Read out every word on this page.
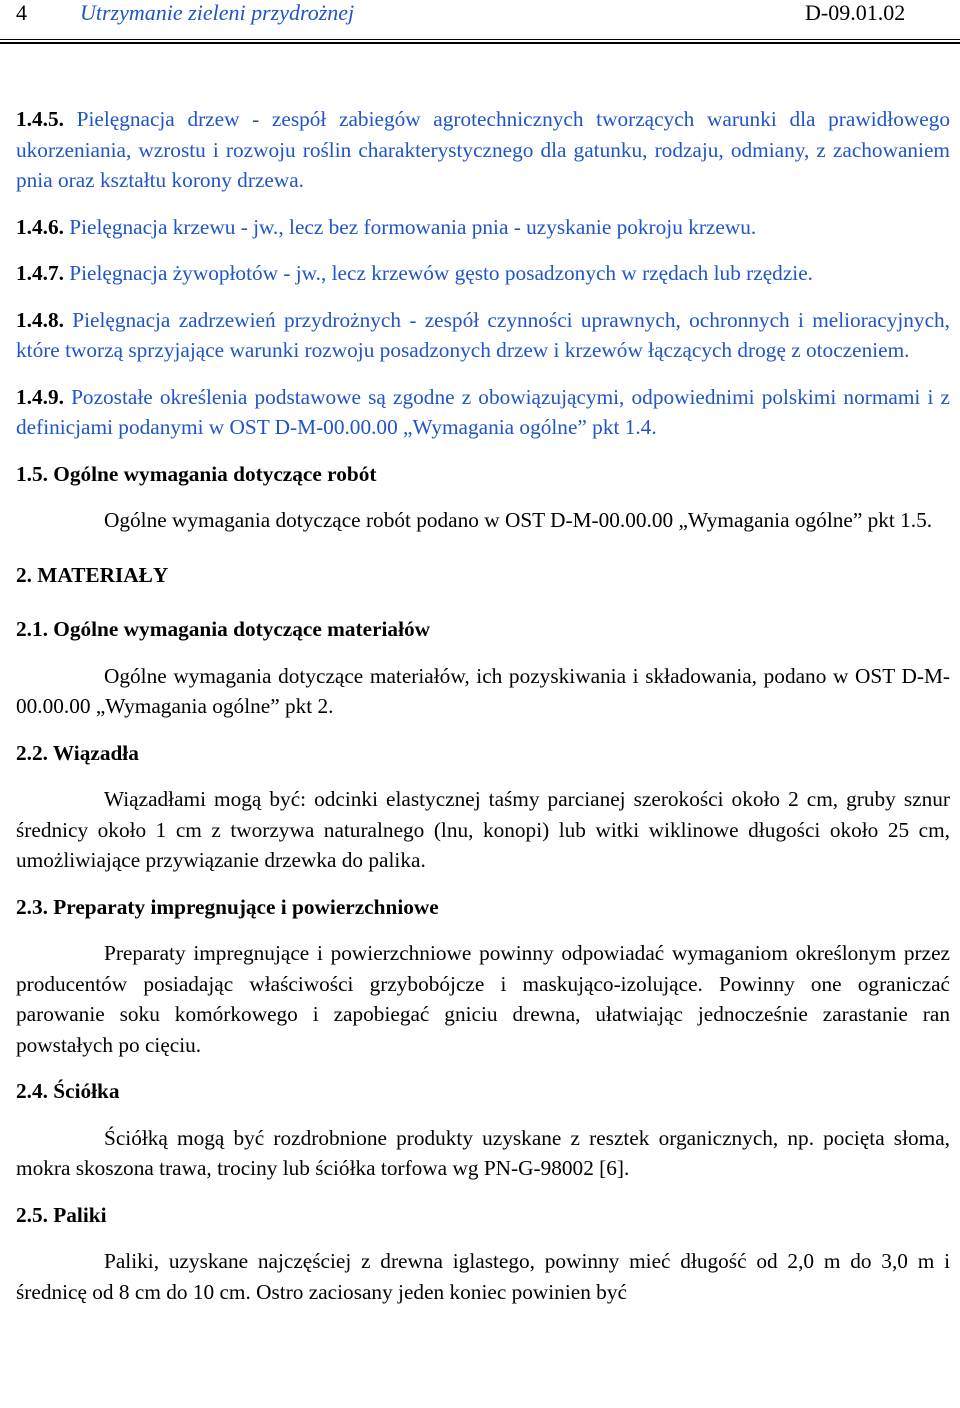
4 Utrzymanie zieleni przydrożnej	D-09.01.02

1.4.5. Pielęgnacja drzew - zespół zabiegów agrotechnicznych tworzących warunki dla prawidłowego ukorzeniania, wzrostu i rozwoju roślin charakterystycznego dla gatunku, rodzaju, odmiany, z zachowaniem pnia oraz kształtu korony drzewa.

1.4.6. Pielęgnacja krzewu - jw., lecz bez formowania pnia - uzyskanie pokroju krzewu.

1.4.7. Pielęgnacja żywopłotów - jw., lecz krzewów gęsto posadzonych w rzędach lub rzędzie.

1.4.8. Pielęgnacja zadrzewień przydrożnych - zespół czynności uprawnych, ochronnych i melioracyjnych, które tworzą sprzyjające warunki rozwoju posadzonych drzew i krzewów łączących drogę z otoczeniem.

1.4.9. Pozostałe określenia podstawowe są zgodne z obowiązującymi, odpowiednimi polskimi normami i z definicjami podanymi w OST D-M-00.00.00 „Wymagania ogólne” pkt 1.4.

1.5. Ogólne wymagania dotyczące robót

Ogólne wymagania dotyczące robót podano w OST D-M-00.00.00 „Wymagania ogólne” pkt 1.5.

2. MATERIAŁY
2.1. Ogólne wymagania dotyczące materiałów

Ogólne wymagania dotyczące materiałów, ich pozyskiwania i składowania, podano w OST D-M-00.00.00 „Wymagania ogólne” pkt 2.

2.2. Wiązadła

Wiązadłami mogą być: odcinki elastycznej taśmy parcianej szerokości około 2 cm, gruby sznur średnicy około 1 cm z tworzywa naturalnego (lnu, konopi) lub witki wiklinowe długości około 25 cm, umożliwiające przywiązanie drzewka do palika.

2.3. Preparaty impregnujące i powierzchniowe

Preparaty impregnujące i powierzchniowe powinny odpowiadać wymaganiom określonym przez producentów posiadając właściwości grzybobójcze i maskująco-izolujące. Powinny one ograniczać parowanie soku komórkowego i zapobiegać gniciu drewna, ułatwiając jednocześnie zarastanie ran powstałych po cięciu.

2.4. Ściółka

Ściółką mogą być rozdrobnione produkty uzyskane z resztek organicznych, np. pocięta słoma, mokra skoszona trawa, trociny lub ściółka torfowa wg PN-G-98002 [6].

2.5. Paliki

Paliki, uzyskane najczęściej z drewna iglastego, powinny mieć długość od 2,0 m do 3,0 m i średnicę od 8 cm do 10 cm. Ostro zaciosany jeden koniec powinien być
